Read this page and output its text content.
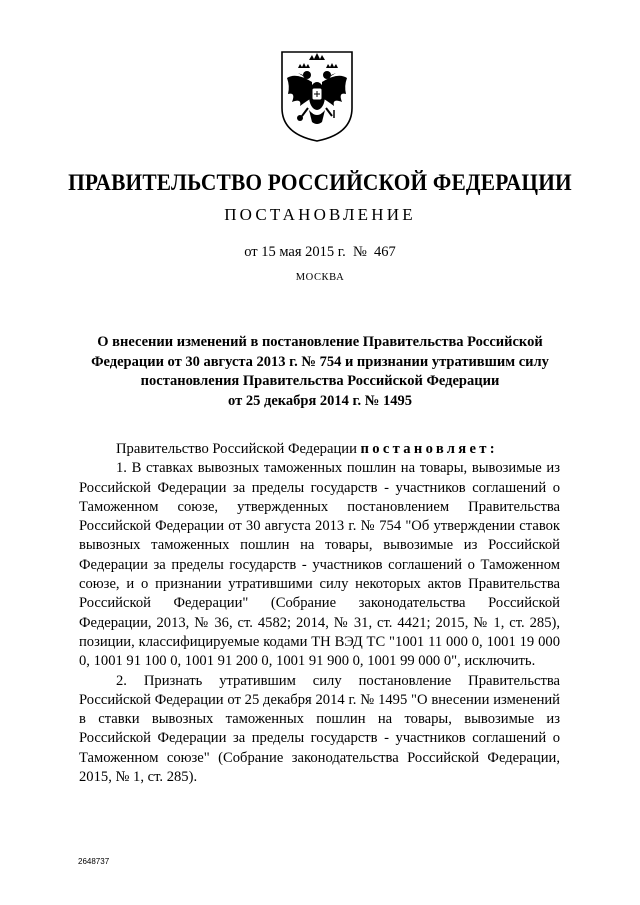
ПРАВИТЕЛЬСТВО РОССИЙСКОЙ ФЕДЕРАЦИИ
ПОСТАНОВЛЕНИЕ
от 15 мая 2015 г.  №  467
МОСКВА
О внесении изменений в постановление Правительства Российской
Федерации от 30 августа 2013 г. № 754 и признании утратившим силу
постановления Правительства Российской Федерации
от 25 декабря 2014 г. № 1495

Правительство Российской Федерации постановляет:

1. В ставках вывозных таможенных пошлин на товары, вывозимые из Российской Федерации за пределы государств - участников соглашений о Таможенном союзе, утвержденных постановлением Правительства Российской Федерации от 30 августа 2013 г. № 754 "Об утверждении ставок вывозных таможенных пошлин на товары, вывозимые из Российской Федерации за пределы государств - участников соглашений о Таможенном союзе, и о признании утратившими силу некоторых актов Правительства Российской Федерации" (Собрание законодательства Российской Федерации, 2013, № 36, ст. 4582; 2014, № 31, ст. 4421; 2015, № 1, ст. 285), позиции, классифицируемые кодами ТН ВЭД ТС "1001 11 000 0, 1001 19 000 0, 1001 91 100 0, 1001 91 200 0, 1001 91 900 0, 1001 99 000 0", исключить.

2. Признать утратившим силу постановление Правительства Российской Федерации от 25 декабря 2014 г. № 1495 "О внесении изменений в ставки вывозных таможенных пошлин на товары, вывозимые из Российской Федерации за пределы государств - участников соглашений о Таможенном союзе" (Собрание законодательства Российской Федерации, 2015, № 1, ст. 285).

2648737
